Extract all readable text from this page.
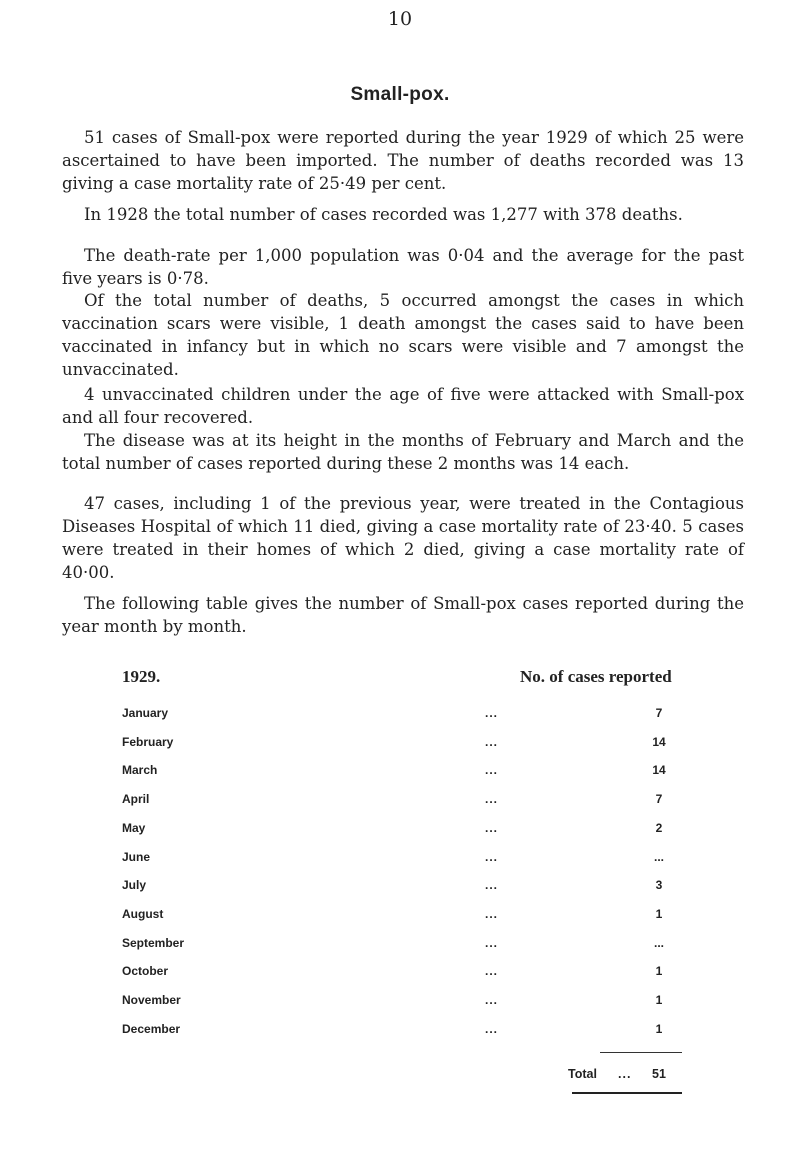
10
Small-pox.

51 cases of Small-pox were reported during the year 1929 of which 25 were ascertained to have been imported. The number of deaths recorded was 13 giving a case mortality rate of 25·49 per cent.

In 1928 the total number of cases recorded was 1,277 with 378 deaths.

The death-rate per 1,000 population was 0·04 and the average for the past five years is 0·78.

Of the total number of deaths, 5 occurred amongst the cases in which vaccination scars were visible, 1 death amongst the cases said to have been vaccinated in infancy but in which no scars were visible and 7 amongst the unvaccinated.

4 unvaccinated children under the age of five were attacked with Small-pox and all four recovered.

The disease was at its height in the months of February and March and the total number of cases reported during these 2 months was 14 each.

47 cases, including 1 of the previous year, were treated in the Contagious Diseases Hospital of which 11 died, giving a case mortality rate of 23·40. 5 cases were treated in their homes of which 2 died, giving a case mortality rate of 40·00.

The following table gives the number of Small-pox cases reported during the year month by month.

1929.	No. of cases reported
January	...	7
February	...	14
March	...	14
April	...	7
May	...	2
June	...	...
July	...	3
August	...	1
September	...	...
October	...	1
November	...	1
December	...	1
Total ...	51
